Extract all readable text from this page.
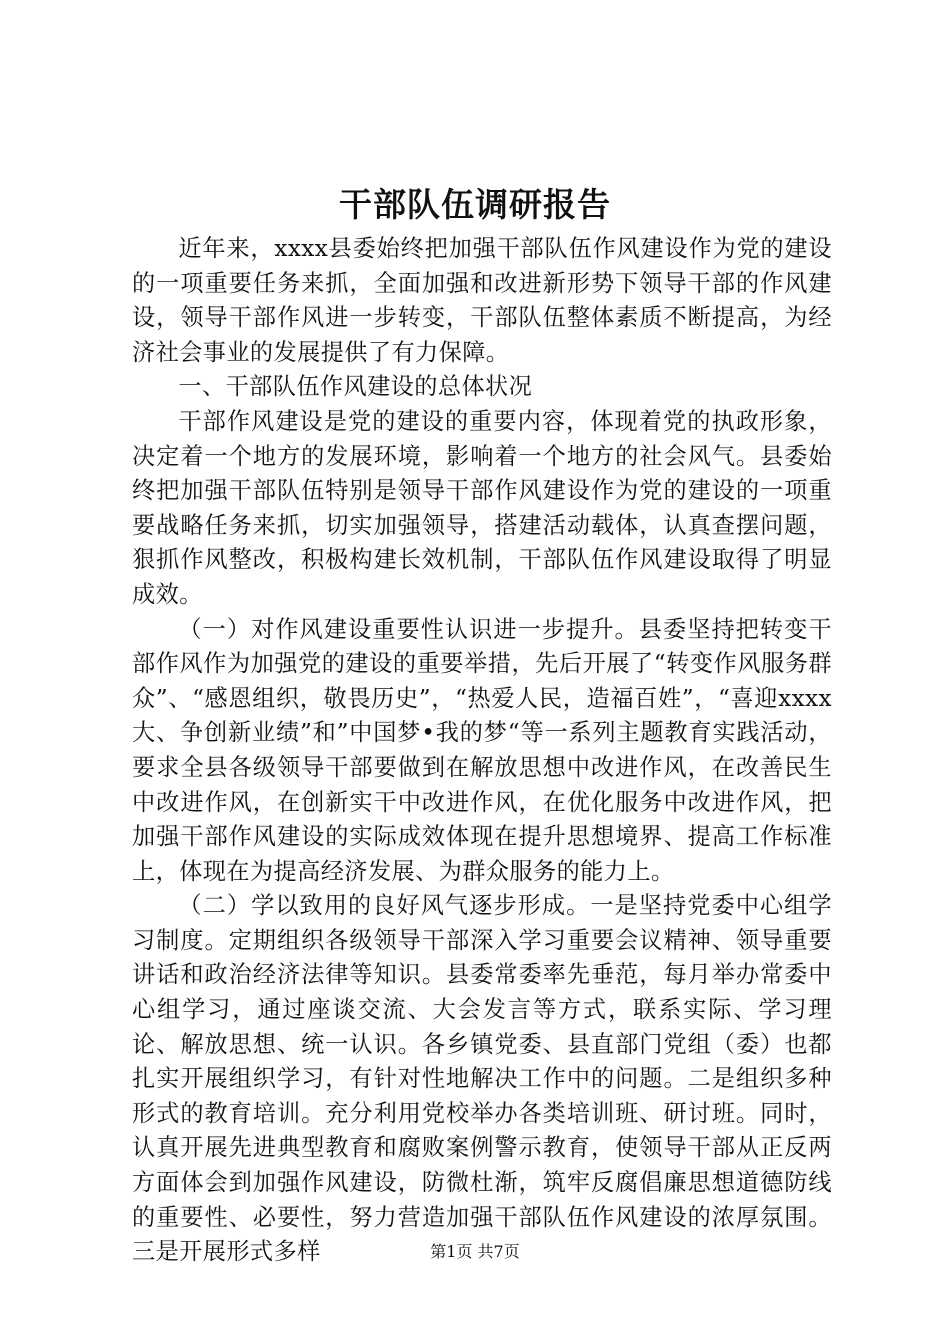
干部队伍调研报告

近年来，xxxx县委始终把加强干部队伍作风建设作为党的建设的一项重要任务来抓，全面加强和改进新形势下领导干部的作风建设，领导干部作风进一步转变，干部队伍整体素质不断提高，为经济社会事业的发展提供了有力保障。

一、干部队伍作风建设的总体状况

干部作风建设是党的建设的重要内容，体现着党的执政形象，决定着一个地方的发展环境，影响着一个地方的社会风气。县委始终把加强干部队伍特别是领导干部作风建设作为党的建设的一项重要战略任务来抓，切实加强领导，搭建活动载体，认真查摆问题，狠抓作风整改，积极构建长效机制，干部队伍作风建设取得了明显成效。

（一）对作风建设重要性认识进一步提升。县委坚持把转变干部作风作为加强党的建设的重要举措，先后开展了“转变作风服务群众”、“感恩组织，敬畏历史”，“热爱人民，造福百姓”，“喜迎xxxx大、争创新业绩”和”中国梦•我的梦“等一系列主题教育实践活动，要求全县各级领导干部要做到在解放思想中改进作风，在改善民生中改进作风，在创新实干中改进作风，在优化服务中改进作风，把加强干部作风建设的实际成效体现在提升思想境界、提高工作标准上，体现在为提高经济发展、为群众服务的能力上。

（二）学以致用的良好风气逐步形成。一是坚持党委中心组学习制度。定期组织各级领导干部深入学习重要会议精神、领导重要讲话和政治经济法律等知识。县委常委率先垂范，每月举办常委中心组学习，通过座谈交流、大会发言等方式，联系实际、学习理论、解放思想、统一认识。各乡镇党委、县直部门党组（委）也都扎实开展组织学习，有针对性地解决工作中的问题。二是组织多种形式的教育培训。充分利用党校举办各类培训班、研讨班。同时，认真开展先进典型教育和腐败案例警示教育，使领导干部从正反两方面体会到加强作风建设，防微杜渐，筑牢反腐倡廉思想道德防线的重要性、必要性，努力营造加强干部队伍作风建设的浓厚氛围。三是开展形式多样	第1页 共7页
